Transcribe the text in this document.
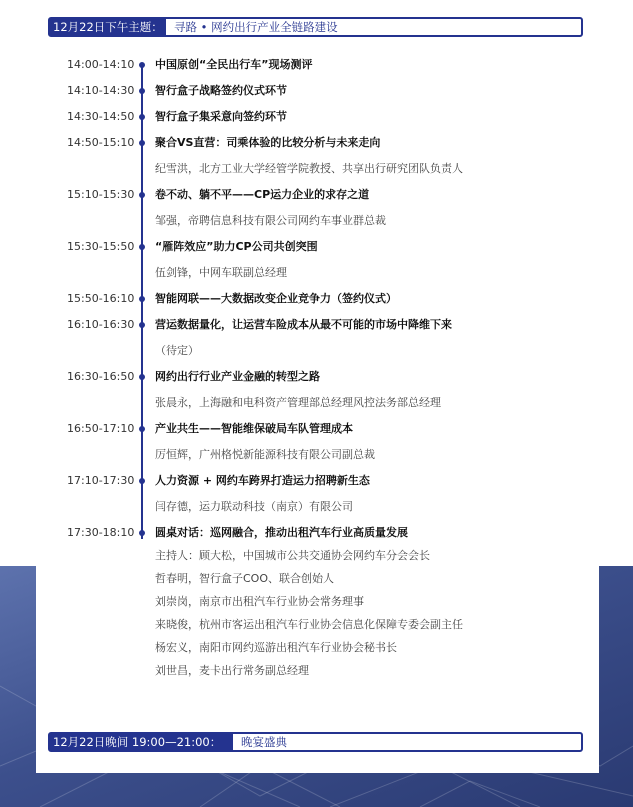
12月22日下午主题： 寻路 • 网约出行产业全链路建设
14:00-14:10 中国原创“全民出行车”现场测评
14:10-14:30 智行盒子战略签约仪式环节
14:30-14:50 智行盒子集采意向签约环节
14:50-15:10 聚合VS直营：司乘体验的比较分析与未来走向
纪雪洪，北方工业大学经管学院教授、共享出行研究团队负责人
15:10-15:30 卷不动、躺不平——CP运力企业的求存之道
邹强，帝聘信息科技有限公司网约车事业群总裁
15:30-15:50 “雁阵效应”助力CP公司共创突围
伍剑锋，中网车联副总经理
15:50-16:10 智能网联——大数据改变企业竞争力（签约仪式）
16:10-16:30 营运数据量化，让运营车险成本从最不可能的市场中降维下来
（待定）
16:30-16:50 网约出行行业产业金融的转型之路
张晨永，上海融和电科资产管理部总经理风控法务部总经理
16:50-17:10 产业共生——智能维保破局车队管理成本
厉恒辉，广州格悦新能源科技有限公司副总裁
17:10-17:30 人力资源 + 网约车跨界打造运力招聘新生态
闫存德，运力联动科技（南京）有限公司
17:30-18:10 圆桌对话：巡网融合，推动出租汽车行业高质量发展
主持人：顾大松，中国城市公共交通协会网约车分会会长
哲春明，智行盒子COO、联合创始人
刘崇岗，南京市出租汽车行业协会常务理事
来晓俊，杭州市客运出租汽车行业协会信息化保障专委会副主任
杨宏义，南阳市网约巡游出租汽车行业协会秘书长
刘世昌，麦卡出行常务副总经理
12月22日晚间 19:00—21:00：	晚宴盛典
